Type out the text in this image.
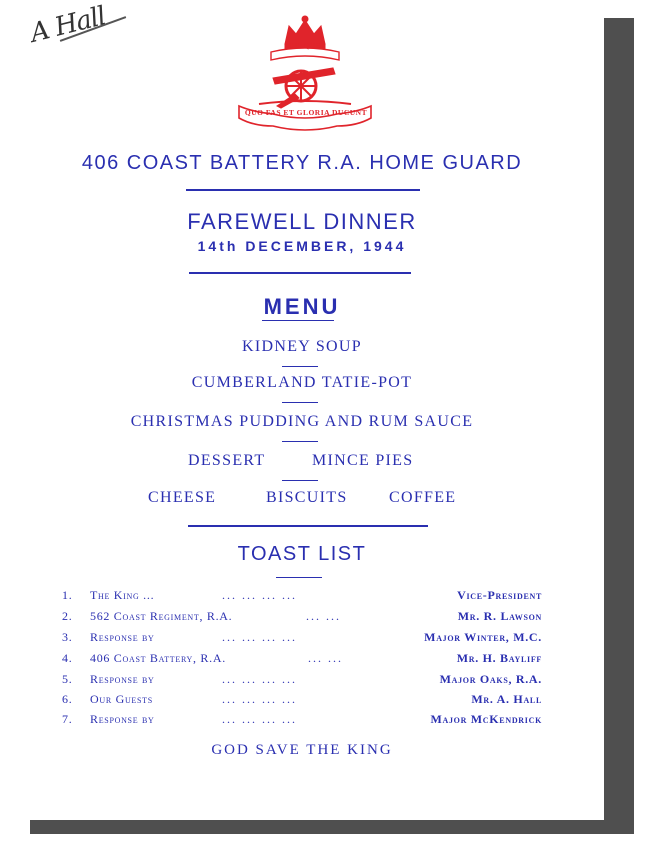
A Hall	UBIQUE
QUO FAS ET GLORIA DUCUNT
406 COAST BATTERY R.A. HOME GUARD
FAREWELL DINNER
14th DECEMBER, 1944
MENU
KIDNEY SOUP
CUMBERLAND TATIE-POT
CHRISTMAS PUDDING AND RUM SAUCE
DESSERT	MINCE PIES
CHEESE	BISCUITS	COFFEE
TOAST LIST
1. The King ...	... ... ... ...	Vice-President
2. 562 Coast Regiment, R.A.	... ...	Mr. R. Lawson
3. Response by	... ... ... ...	Major Winter, M.C.
4. 406 Coast Battery, R.A.	... ...	Mr. H. Bayliff
5. Response by	... ... ... ...	Major Oaks, R.A.
6. Our Guests	... ... ... ...	Mr. A. Hall
7. Response by	... ... ... ...	Major McKendrick
GOD SAVE THE KING
